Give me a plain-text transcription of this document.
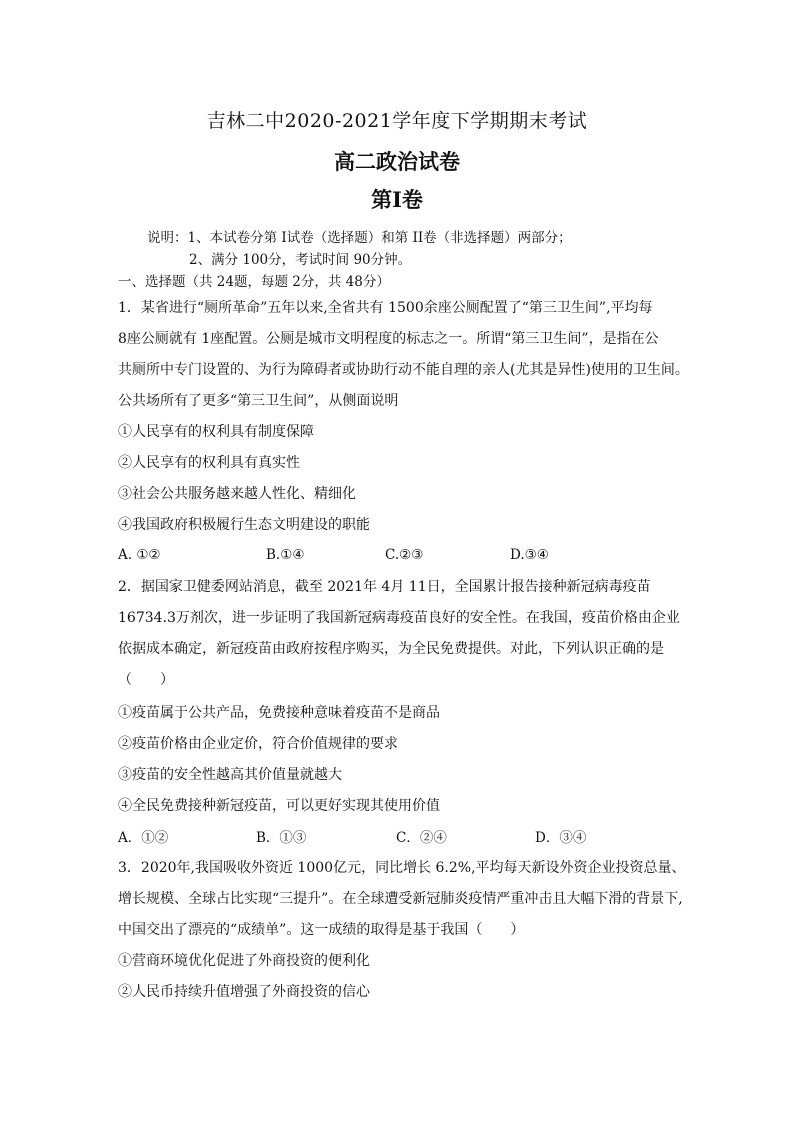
吉林二中2020-2021学年度下学期期末考试
高二政治试卷
第Ⅰ卷
说明：1、本试卷分第 I试卷（选择题）和第 II卷（非选择题）两部分；
2、满分 100分，考试时间 90分钟。
一、选择题（共 24题，每题 2分，共 48分）
1．某省进行“厕所革命”五年以来,全省共有 1500余座公厕配置了“第三卫生间”,平均每
8座公厕就有 1座配置。公厕是城市文明程度的标志之一。所谓“第三卫生间”，是指在公
共厕所中专门设置的、为行为障碍者或协助行动不能自理的亲人(尤其是异性)使用的卫生间。
公共场所有了更多“第三卫生间”，从侧面说明
①人民享有的权利具有制度保障
②人民享有的权利具有真实性
③社会公共服务越来越人性化、精细化
④我国政府积极履行生态文明建设的职能
A. ①②	B.①④	C.②③	D.③④
2．据国家卫健委网站消息，截至 2021年 4月 11日，全国累计报告接种新冠病毒疫苗
16734.3万剂次，进一步证明了我国新冠病毒疫苗良好的安全性。在我国，疫苗价格由企业
依据成本确定，新冠疫苗由政府按程序购买，为全民免费提供。对此，下列认识正确的是
（　　）
①疫苗属于公共产品，免费接种意味着疫苗不是商品
②疫苗价格由企业定价，符合价值规律的要求
③疫苗的安全性越高其价值量就越大
④全民免费接种新冠疫苗，可以更好实现其使用价值
A．①②	B．①③	C．②④	D．③④
3．2020年,我国吸收外资近 1000亿元，同比增长 6.2%,平均每天新设外资企业投资总量、
增长规模、全球占比实现“三提升”。在全球遭受新冠肺炎疫情严重冲击且大幅下滑的背景下,
中国交出了漂亮的“成绩单”。这一成绩的取得是基于我国（　　）
①营商环境优化促进了外商投资的便利化
②人民币持续升值增强了外商投资的信心
